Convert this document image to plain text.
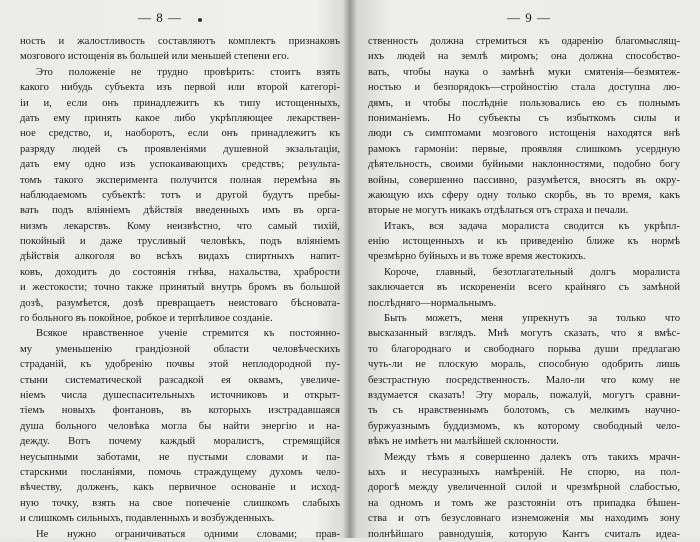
— 8 —
ность и жалостливость составляютъ комплектъ признаковъ
мозгового истощенія въ большей или меньшей степени его.
Это положеніе не трудно провѣрить: стоитъ взять
какого нибудь субъекта изъ первой или второй категорі-
іи и, если онъ принадлежитъ къ типу истощенныхъ,
дать ему принять какое либо укрѣпляющее лекарствен-
ное средство, и, наоборотъ, если онъ принадлежитъ къ
разряду людей съ проявленіями душевной экзальтаціи,
дать ему одно изъ успокаивающихъ средствъ; результа-
томъ такого эксперимента получится полная перемѣна въ
наблюдаемомъ субъектѣ: тотъ и другой будутъ пребы-
вать подъ вліяніемъ дѣйствія введенныхъ имъ въ орга-
низмъ лекарствъ. Кому неизвѣстно, что самый тихій,
покойный и даже трусливый человѣкъ, подъ вліяніемъ
дѣйствія алкоголя во всѣхъ видахъ спиртныхъ напит-
ковъ, доходитъ до состоянія гнѣва, нахальства, храбрости
и жестокости; точно также принятый внутрь бромъ въ большой
дозѣ, разумѣется, дозѣ превращаетъ неистоваго бѣсновата-
го больного въ покойное, робкое и терпѣливое созданіе.
Всякое нравственное ученіе стремится къ постоянно-
му уменьшенію грандіозной области человѣческихъ
страданій, къ удобренію почвы этой неплодородной пу-
стыни систематической разсадкой ея оквамъ, увеличе-
ніемъ числа душеспасительныхъ источниковъ и открыт-
тіемъ новыхъ фонтановъ, въ которыхъ изстрадавшаяся
душа больного человѣка могла бы найти энергію и на-
дежду. Вотъ почему каждый моралистъ, стремящійся
неусыпными заботами, не пустыми словами и па-
старскими посланіями, помочь страждущему духомъ чело-
вѣчеству, долженъ, какъ первичное основаніе и исход-
ную точку, взять на свое попеченіе слишкомъ слабыхъ
и слишкомъ сильныхъ, подавленныхъ и возбужденныхъ.
Не нужно ограничиваться одними словами; прав-
— 9 —
ственность должна стремиться къ одаренію благомыслящ-
ихъ людей на землѣ миромъ; она должна способство-
вать, чтобы наука о замѣнѣ муки смятенія—безмятеж-
ностью и безпорядокъ—стройностію стала доступна лю-
дямъ, и чтобы послѣдніе пользовались ею съ полнымъ
пониманіемъ. Но субъекты съ избыткомъ силы и
люди съ симптомами мозгового истощенія находятся внѣ
рамокъ гармоніи: первые, проявляя слишкомъ усердную
дѣятельность, своими буйными наклонностями, подобно богу
войны, совершенно пассивно, разумѣется, вносятъ въ окру-
жающую ихъ сферу одну только скорбь, въ то время, какъ
вторые не могутъ никакъ отдѣлаться отъ страха и печали.
Итакъ, вся задача моралиста сводится къ укрѣпл-
енію истощенныхъ и къ приведенію ближе къ нормѣ
чрезмѣрно буйныхъ и въ тоже время жестокихъ.
Короче, главный, безотлагательный долгъ моралиста
заключается въ искорененіи всего крайняго съ замѣной
послѣдняго—нормальнымъ.
Быть можетъ, меня упрекнутъ за только что
высказанный взглядъ. Мнѣ могутъ сказать, что я вмѣс-
то благороднаго и свободнаго порыва души предлагаю
чуть-ли не плоскую мораль, способную одобрить лишь
безстрастную посредственность. Мало-ли что кому не
вздумается сказать! Эту мораль, пожалуй, могутъ сравни-
ть съ нравственнымъ болотомъ, съ мелкимъ научно-
буржуазнымъ буддизмомъ, къ которому свободный чело-
вѣкъ не имѣетъ ни малѣйшей склонности.
Между тѣмъ я совершенно далекъ отъ такихъ мрачн-
ыхъ и несуразныхъ намѣреній. Не спорю, на пол-
дорогѣ между увеличенной силой и чрезмѣрной слабостью,
на одномъ и томъ же разстояніи отъ припадка бѣшен-
ства и отъ безусловнаго изнеможенія мы находимъ зону
полнѣйшаго равнодушія, которую Кантъ считалъ идеа-
